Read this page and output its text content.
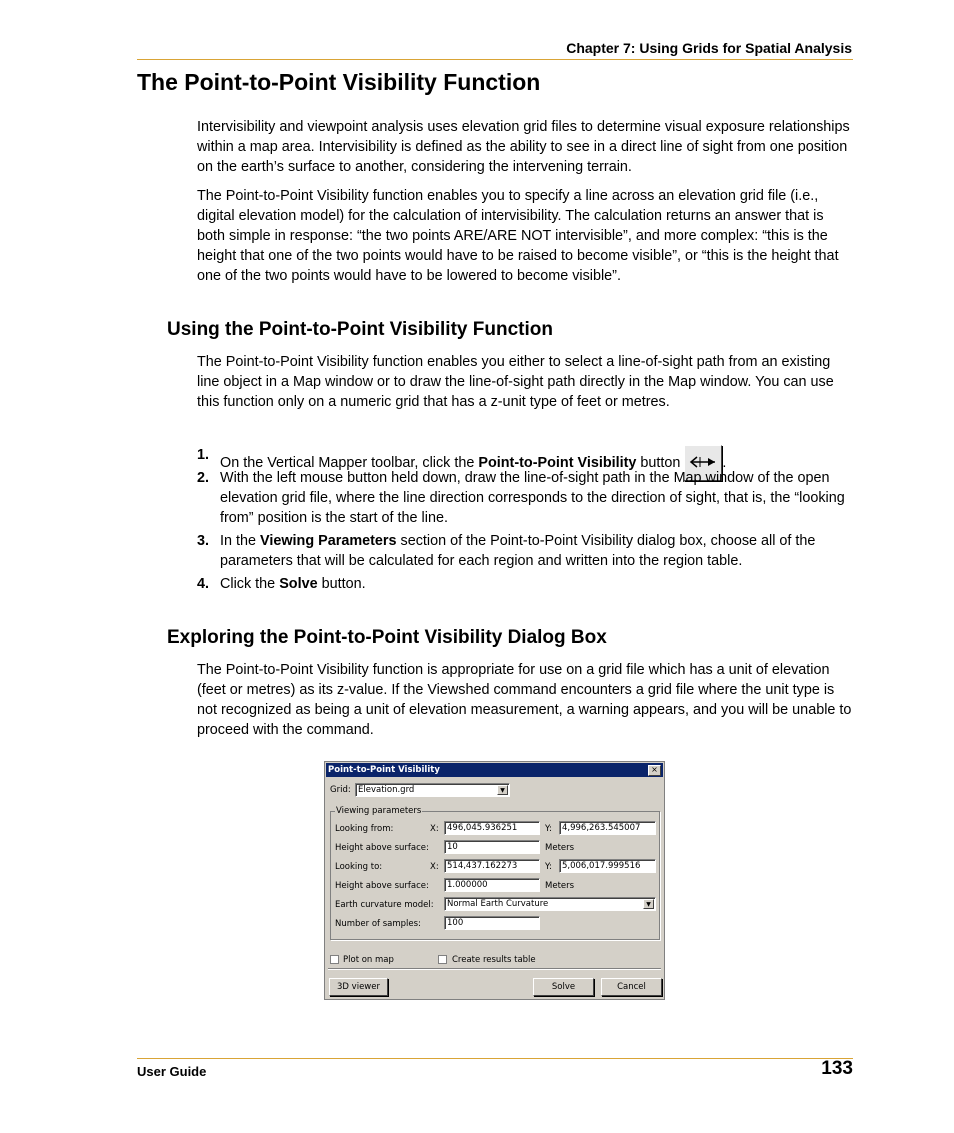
Chapter 7: Using Grids for Spatial Analysis
The Point-to-Point Visibility Function
Intervisibility and viewpoint analysis uses elevation grid files to determine visual exposure relationships within a map area. Intervisibility is defined as the ability to see in a direct line of sight from one position on the earth’s surface to another, considering the intervening terrain.
The Point-to-Point Visibility function enables you to specify a line across an elevation grid file (i.e., digital elevation model) for the calculation of intervisibility. The calculation returns an answer that is both simple in response: “the two points ARE/ARE NOT intervisible”, and more complex: “this is the height that one of the two points would have to be raised to become visible”, or “this is the height that one of the two points would have to be lowered to become visible”.
Using the Point-to-Point Visibility Function
The Point-to-Point Visibility function enables you either to select a line-of-sight path from an existing line object in a Map window or to draw the line-of-sight path directly in the Map window. You can use this function only on a numeric grid that has a z-unit type of feet or metres.
1. On the Vertical Mapper toolbar, click the Point-to-Point Visibility button	.
2. With the left mouse button held down, draw the line-of-sight path in the Map window of the open elevation grid file, where the line direction corresponds to the direction of sight, that is, the “looking from” position is the start of the line.
3. In the Viewing Parameters section of the Point-to-Point Visibility dialog box, choose all of the parameters that will be calculated for each region and written into the region table.
4. Click the Solve button.
Exploring the Point-to-Point Visibility Dialog Box
The Point-to-Point Visibility function is appropriate for use on a grid file which has a unit of elevation (feet or metres) as its z-value. If the Viewshed command encounters a grid file where the unit type is not recognized as being a unit of elevation measurement, a warning appears, and you will be unable to proceed with the command.
Point-to-Point Visibility	×
Grid: Elevation.grd	▼
Viewing parameters
Looking from:	X: 496,045.936251	Y:	4,996,263.545007
Height above surface:	10	Meters
Looking to:	X: 514,437.162273	Y:	5,006,017.999516
Height above surface:	1.000000	Meters
Earth curvature model:	Normal Earth Curvature	▼
Number of samples:	100
Plot on map	Create results table
3D viewer	Solve	Cancel
User Guide	133
